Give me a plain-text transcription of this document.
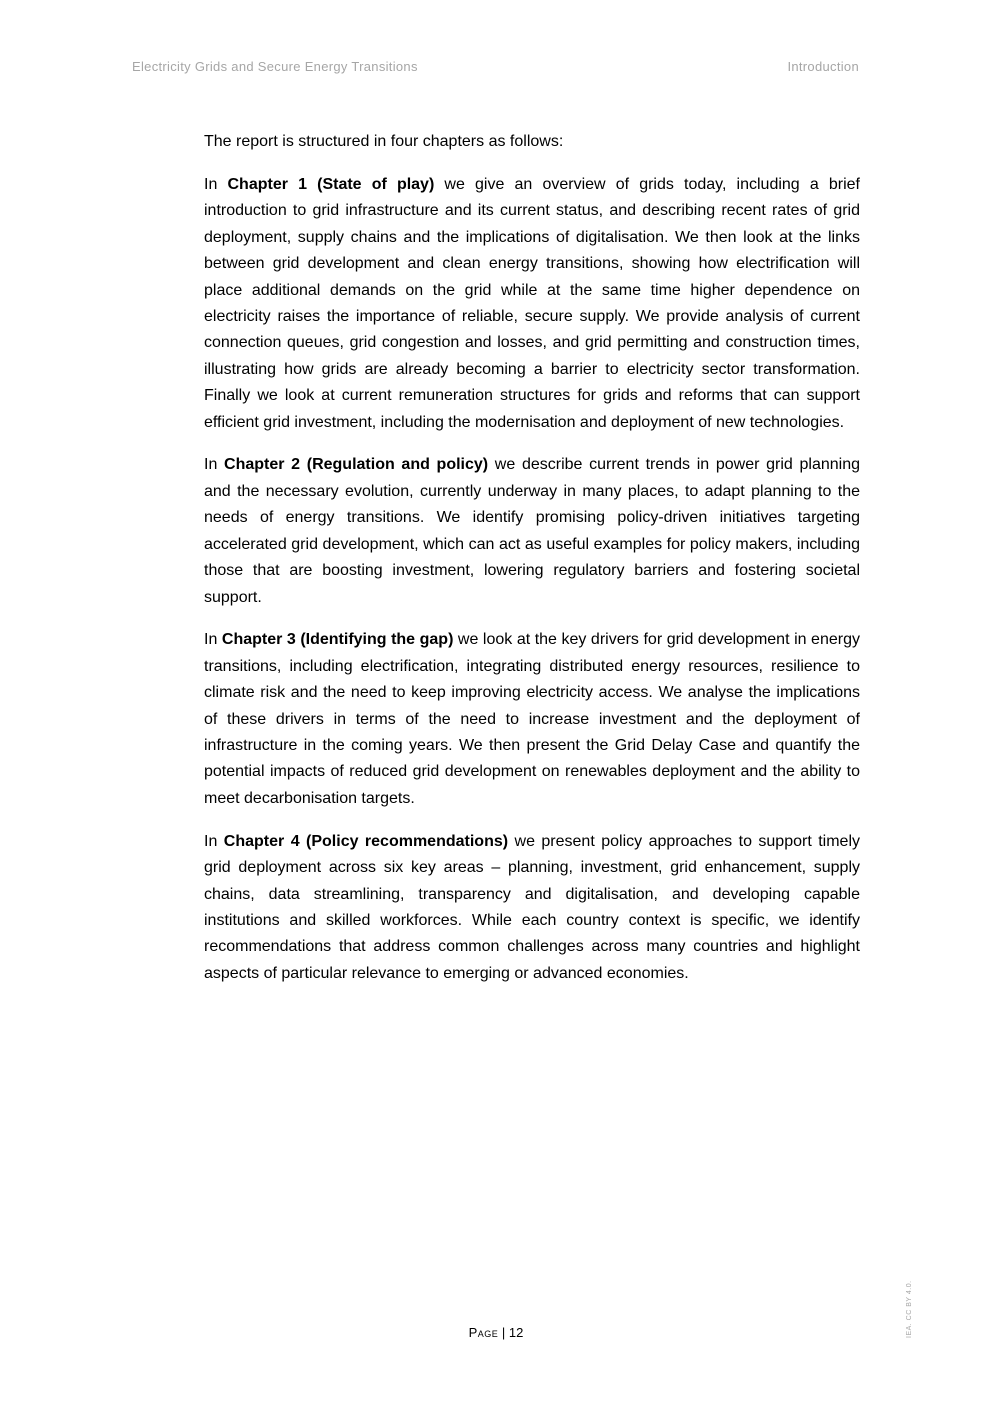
Electricity Grids and Secure Energy Transitions	Introduction

The report is structured in four chapters as follows:

In Chapter 1 (State of play) we give an overview of grids today, including a brief introduction to grid infrastructure and its current status, and describing recent rates of grid deployment, supply chains and the implications of digitalisation. We then look at the links between grid development and clean energy transitions, showing how electrification will place additional demands on the grid while at the same time higher dependence on electricity raises the importance of reliable, secure supply. We provide analysis of current connection queues, grid congestion and losses, and grid permitting and construction times, illustrating how grids are already becoming a barrier to electricity sector transformation. Finally we look at current remuneration structures for grids and reforms that can support efficient grid investment, including the modernisation and deployment of new technologies.

In Chapter 2 (Regulation and policy) we describe current trends in power grid planning and the necessary evolution, currently underway in many places, to adapt planning to the needs of energy transitions. We identify promising policy-driven initiatives targeting accelerated grid development, which can act as useful examples for policy makers, including those that are boosting investment, lowering regulatory barriers and fostering societal support.

In Chapter 3 (Identifying the gap) we look at the key drivers for grid development in energy transitions, including electrification, integrating distributed energy resources, resilience to climate risk and the need to keep improving electricity access. We analyse the implications of these drivers in terms of the need to increase investment and the deployment of infrastructure in the coming years. We then present the Grid Delay Case and quantify the potential impacts of reduced grid development on renewables deployment and the ability to meet decarbonisation targets.

In Chapter 4 (Policy recommendations) we present policy approaches to support timely grid deployment across six key areas – planning, investment, grid enhancement, supply chains, data streamlining, transparency and digitalisation, and developing capable institutions and skilled workforces. While each country context is specific, we identify recommendations that address common challenges across many countries and highlight aspects of particular relevance to emerging or advanced economies.

Page | 12	IEA. CC BY 4.0.
